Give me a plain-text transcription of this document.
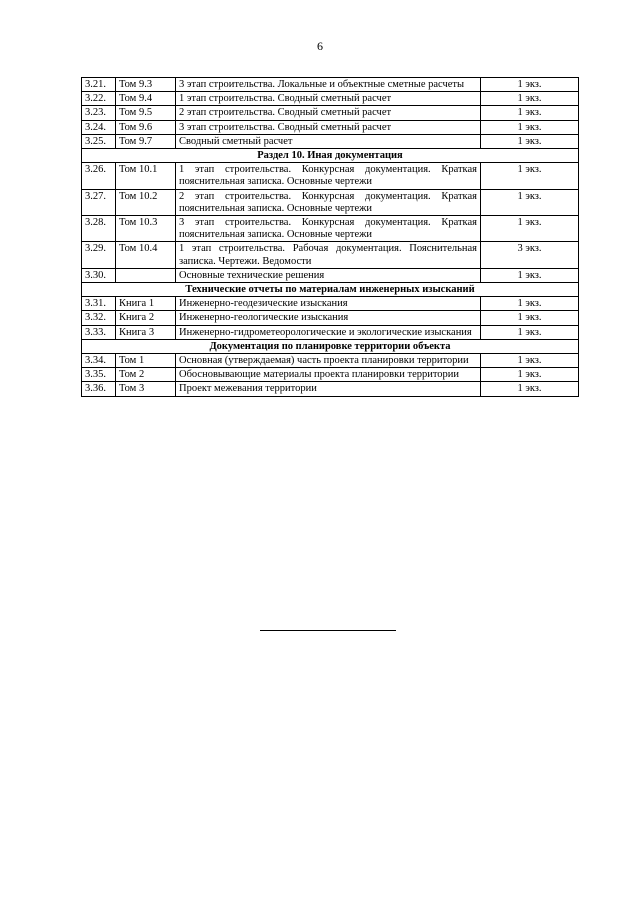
6
3.21.	Том 9.3	3 этап строительства. Локальные и объектные сметные расчеты	1 экз.
3.22.	Том 9.4	1 этап строительства. Сводный сметный расчет	1 экз.
3.23.	Том 9.5	2 этап строительства. Сводный сметный расчет	1 экз.
3.24.	Том 9.6	3 этап строительства. Сводный сметный расчет	1 экз.
3.25.	Том 9.7	Сводный сметный расчет	1 экз.
Раздел 10. Иная документация			
3.26.	Том 10.1	1 этап строительства. Конкурсная документация. Краткая пояснительная записка. Основные чертежи	1 экз.
3.27.	Том 10.2	2 этап строительства. Конкурсная документация. Краткая пояснительная записка. Основные чертежи	1 экз.
3.28.	Том 10.3	3 этап строительства. Конкурсная документация. Краткая пояснительная записка. Основные чертежи	1 экз.
3.29.	Том 10.4	1 этап строительства. Рабочая документация. Пояснительная записка. Чертежи. Ведомости	3 экз.
3.30.		Основные технические решения	1 экз.
Технические отчеты по материалам инженерных изысканий			
3.31.	Книга 1	Инженерно-геодезические изыскания	1 экз.
3.32.	Книга 2	Инженерно-геологические изыскания	1 экз.
3.33.	Книга 3	Инженерно-гидрометеорологические и экологические изыскания	1 экз.
Документация по планировке территории объекта			
3.34.	Том 1	Основная (утверждаемая) часть проекта планировки территории	1 экз.
3.35.	Том 2	Обосновывающие материалы проекта планировки территории	1 экз.
3.36.	Том 3	Проект межевания территории	1 экз.
